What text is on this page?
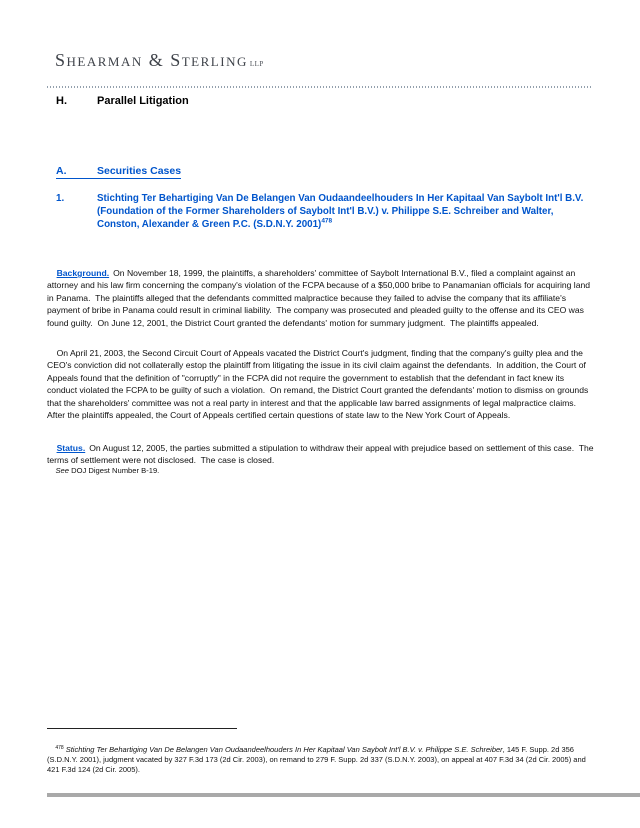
Shearman & Sterling LLP
H.	Parallel Litigation
A.	Securities Cases
1.	Stichting Ter Behartiging Van De Belangen Van Oudaandeelhouders In Her Kapitaal Van Saybolt Int'l B.V. (Foundation of the Former Shareholders of Saybolt Int'l B.V.) v. Philippe S.E. Schreiber and Walter, Conston, Alexander & Green P.C. (S.D.N.Y. 2001)$^{478}$

Background. On November 18, 1999, the plaintiffs, a shareholders' committee of Saybolt International B.V., filed a complaint against an attorney and his law firm concerning the company's violation of the FCPA because of a $50,000 bribe to Panamanian officials for acquiring land in Panama.  The plaintiffs alleged that the defendants committed malpractice because they failed to advise the company that its affiliate's payment of bribe in Panama could result in criminal liability.  The company was prosecuted and pleaded guilty to the offense and its CEO was found guilty.  On June 12, 2001, the District Court granted the defendants' motion for summary judgment.  The plaintiffs appealed.

On April 21, 2003, the Second Circuit Court of Appeals vacated the District Court's judgment, finding that the company's guilty plea and the CEO's conviction did not collaterally estop the plaintiff from litigating the issue in its civil claim against the defendants.  In addition, the Court of Appeals found that the definition of "corruptly" in the FCPA did not require the government to establish that the defendant in fact knew its conduct violated the FCPA to be guilty of such a violation.  On remand, the District Court granted the defendants' motion to dismiss on grounds that the shareholders' committee was not a real party in interest and that the applicable law barred assignments of legal malpractice claims.  After the plaintiffs appealed, the Court of Appeals certified certain questions of state law to the New York Court of Appeals.

Status. On August 12, 2005, the parties submitted a stipulation to withdraw their appeal with prejudice based on settlement of this case.  The terms of settlement were not disclosed.  The case is closed.

See DOJ Digest Number B-19.

$^{478}$ Stichting Ter Behartiging Van De Belangen Van Oudaandeelhouders In Her Kapitaal Van Saybolt Int'l B.V. v. Philippe S.E. Schreiber, 145 F. Supp. 2d 356 (S.D.N.Y. 2001), judgment vacated by 327 F.3d 173 (2d Cir. 2003), on remand to 279 F. Supp. 2d 337 (S.D.N.Y. 2003), on appeal at 407 F.3d 34 (2d Cir. 2005) and 421 F.3d 124 (2d Cir. 2005).
